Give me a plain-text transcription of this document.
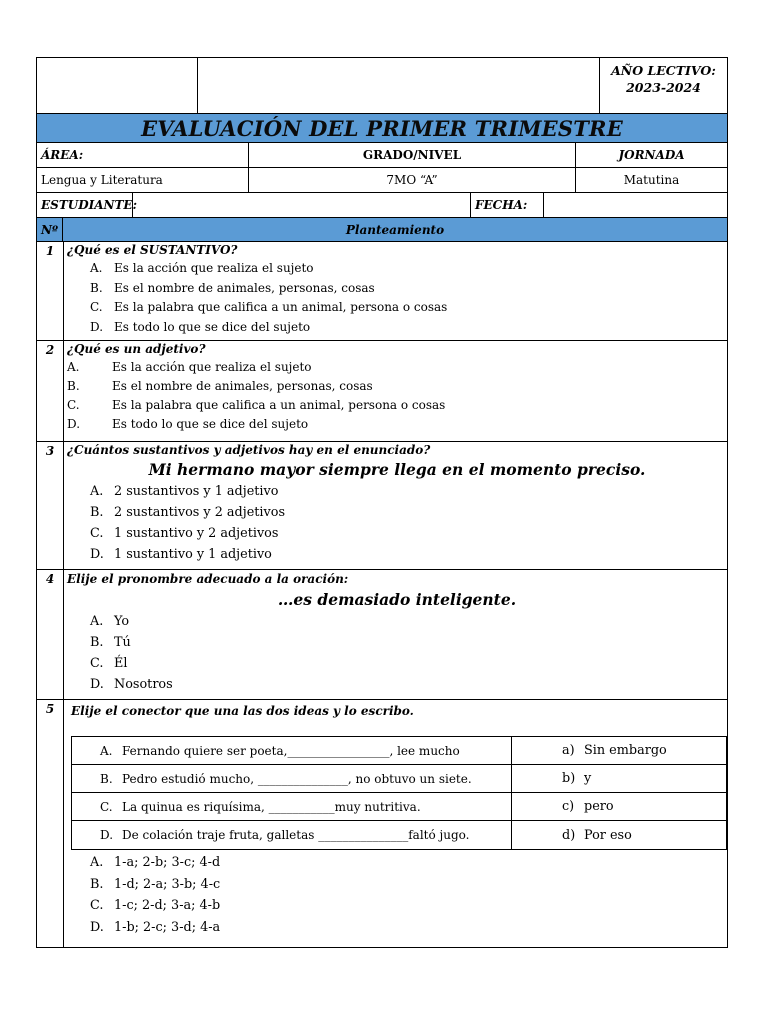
AÑO LECTIVO:
2023-2024
EVALUACIÓN DEL PRIMER TRIMESTRE
ÁREA:	GRADO/NIVEL	JORNADA
Lengua y Literatura	7MO “A”	Matutina
ESTUDIANTE:	FECHA:
Nº	Planteamiento
1	¿Qué es el SUSTANTIVO?
A. Es la acción que realiza el sujeto
B. Es el nombre de animales, personas, cosas
C. Es la palabra que califica a un animal, persona o cosas
D. Es todo lo que se dice del sujeto
2	¿Qué es un adjetivo?
A.	Es la acción que realiza el sujeto
B.	Es el nombre de animales, personas, cosas
C.	Es la palabra que califica a un animal, persona o cosas
D.	Es todo lo que se dice del sujeto
3	¿Cuántos sustantivos y adjetivos hay en el enunciado?
Mi hermano mayor siempre llega en el momento preciso.
A. 2 sustantivos y 1 adjetivo
B. 2 sustantivos y 2 adjetivos
C. 1 sustantivo y 2 adjetivos
D. 1 sustantivo y 1 adjetivo
4	Elije el pronombre adecuado a la oración:
…es demasiado inteligente.
A. Yo
B. Tú
C. Él
D. Nosotros
5	Elije el conector que una las dos ideas y lo escribo.
A. Fernando quiere ser poeta,_________________, lee mucho	a) Sin embargo
B. Pedro estudió mucho, _______________, no obtuvo un siete.	b) y
C. La quinua es riquísima, ___________muy nutritiva.	c) pero
D. De colación traje fruta, galletas _______________faltó jugo.	d) Por eso
A. 1-a; 2-b; 3-c; 4-d
B. 1-d; 2-a; 3-b; 4-c
C. 1-c; 2-d; 3-a; 4-b
D. 1-b; 2-c; 3-d; 4-a
